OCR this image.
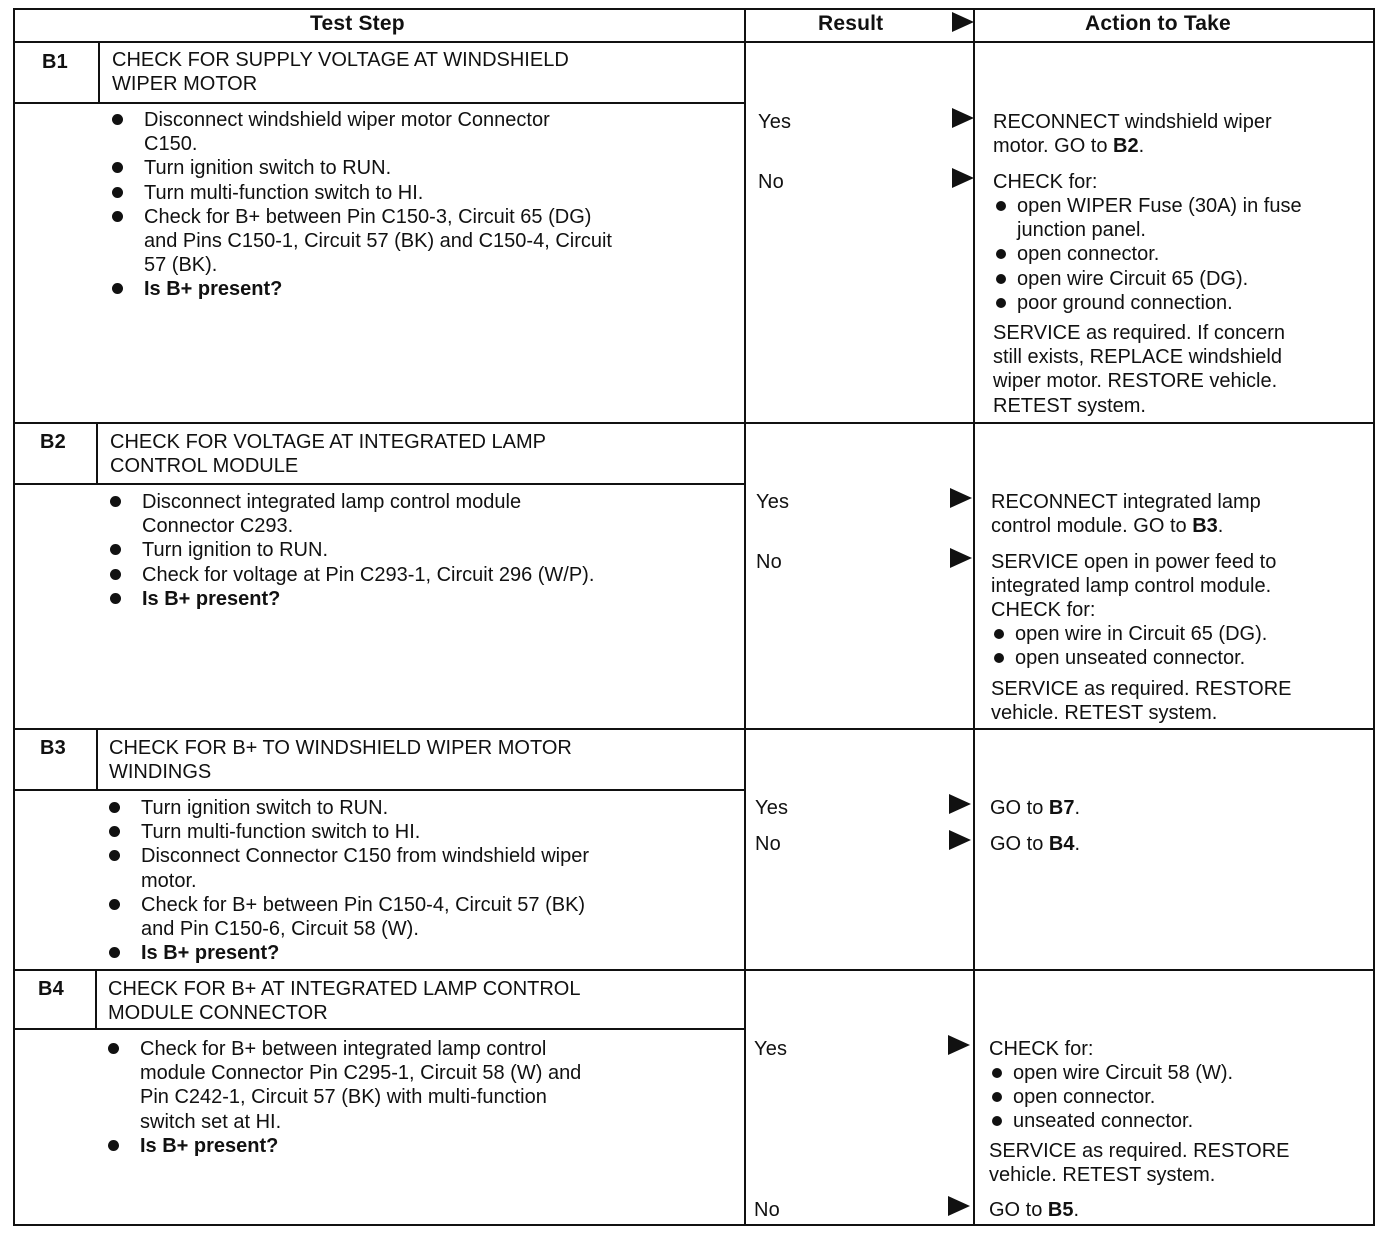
Test Step	Result	Action to Take
B1 CHECK FOR SUPPLY VOLTAGE AT WINDSHIELD
WIPER MOTOR
Disconnect windshield wiper motor Connector
C150.
Turn ignition switch to RUN.
Turn multi-function switch to HI.
Check for B+ between Pin C150-3, Circuit 65 (DG)
and Pins C150-1, Circuit 57 (BK) and C150-4, Circuit
57 (BK).
Is B+ present?
Yes
No
RECONNECT windshield wiper
motor. GO to B2.
CHECK for:
open WIPER Fuse (30A) in fuse
junction panel.
open connector.
open wire Circuit 65 (DG).
poor ground connection.
SERVICE as required. If concern
still exists, REPLACE windshield
wiper motor. RESTORE vehicle.
RETEST system.
B2 CHECK FOR VOLTAGE AT INTEGRATED LAMP
CONTROL MODULE
Disconnect integrated lamp control module
Connector C293.
Turn ignition to RUN.
Check for voltage at Pin C293-1, Circuit 296 (W/P).
Is B+ present?
Yes
No
RECONNECT integrated lamp
control module. GO to B3.
SERVICE open in power feed to
integrated lamp control module.
CHECK for:
open wire in Circuit 65 (DG).
open unseated connector.
SERVICE as required. RESTORE
vehicle. RETEST system.
B3 CHECK FOR B+ TO WINDSHIELD WIPER MOTOR
WINDINGS
Turn ignition switch to RUN.
Turn multi-function switch to HI.
Disconnect Connector C150 from windshield wiper
motor.
Check for B+ between Pin C150-4, Circuit 57 (BK)
and Pin C150-6, Circuit 58 (W).
Is B+ present?
Yes
No
GO to B7.
GO to B4.
B4 CHECK FOR B+ AT INTEGRATED LAMP CONTROL
MODULE CONNECTOR
Check for B+ between integrated lamp control
module Connector Pin C295-1, Circuit 58 (W) and
Pin C242-1, Circuit 57 (BK) with multi-function
switch set at HI.
Is B+ present?
Yes
No
CHECK for:
open wire Circuit 58 (W).
open connector.
unseated connector.
SERVICE as required. RESTORE
vehicle. RETEST system.
GO to B5.
